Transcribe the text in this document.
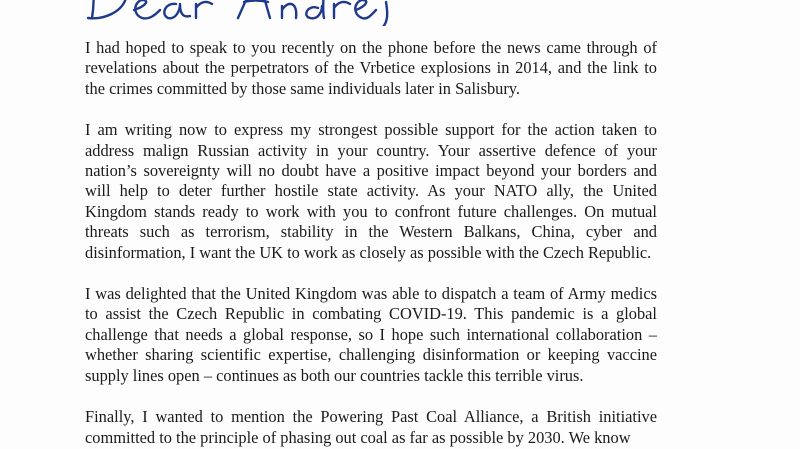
I had hoped to speak to you recently on the phone before the news came through of revelations about the perpetrators of the Vrbetice explosions in 2014, and the link to the crimes committed by those same individuals later in Salisbury.

I am writing now to express my strongest possible support for the action taken to address malign Russian activity in your country. Your assertive defence of your nation’s sovereignty will no doubt have a positive impact beyond your borders and will help to deter further hostile state activity. As your NATO ally, the United Kingdom stands ready to work with you to confront future challenges. On mutual threats such as terrorism, stability in the Western Balkans, China, cyber and disinformation, I want the UK to work as closely as possible with the Czech Republic.

I was delighted that the United Kingdom was able to dispatch a team of Army medics to assist the Czech Republic in combating COVID-19. This pandemic is a global challenge that needs a global response, so I hope such international collaboration – whether sharing scientific expertise, challenging disinformation or keeping vaccine supply lines open – continues as both our countries tackle this terrible virus.

Finally, I wanted to mention the Powering Past Coal Alliance, a British initiative committed to the principle of phasing out coal as far as possible by 2030. We know
